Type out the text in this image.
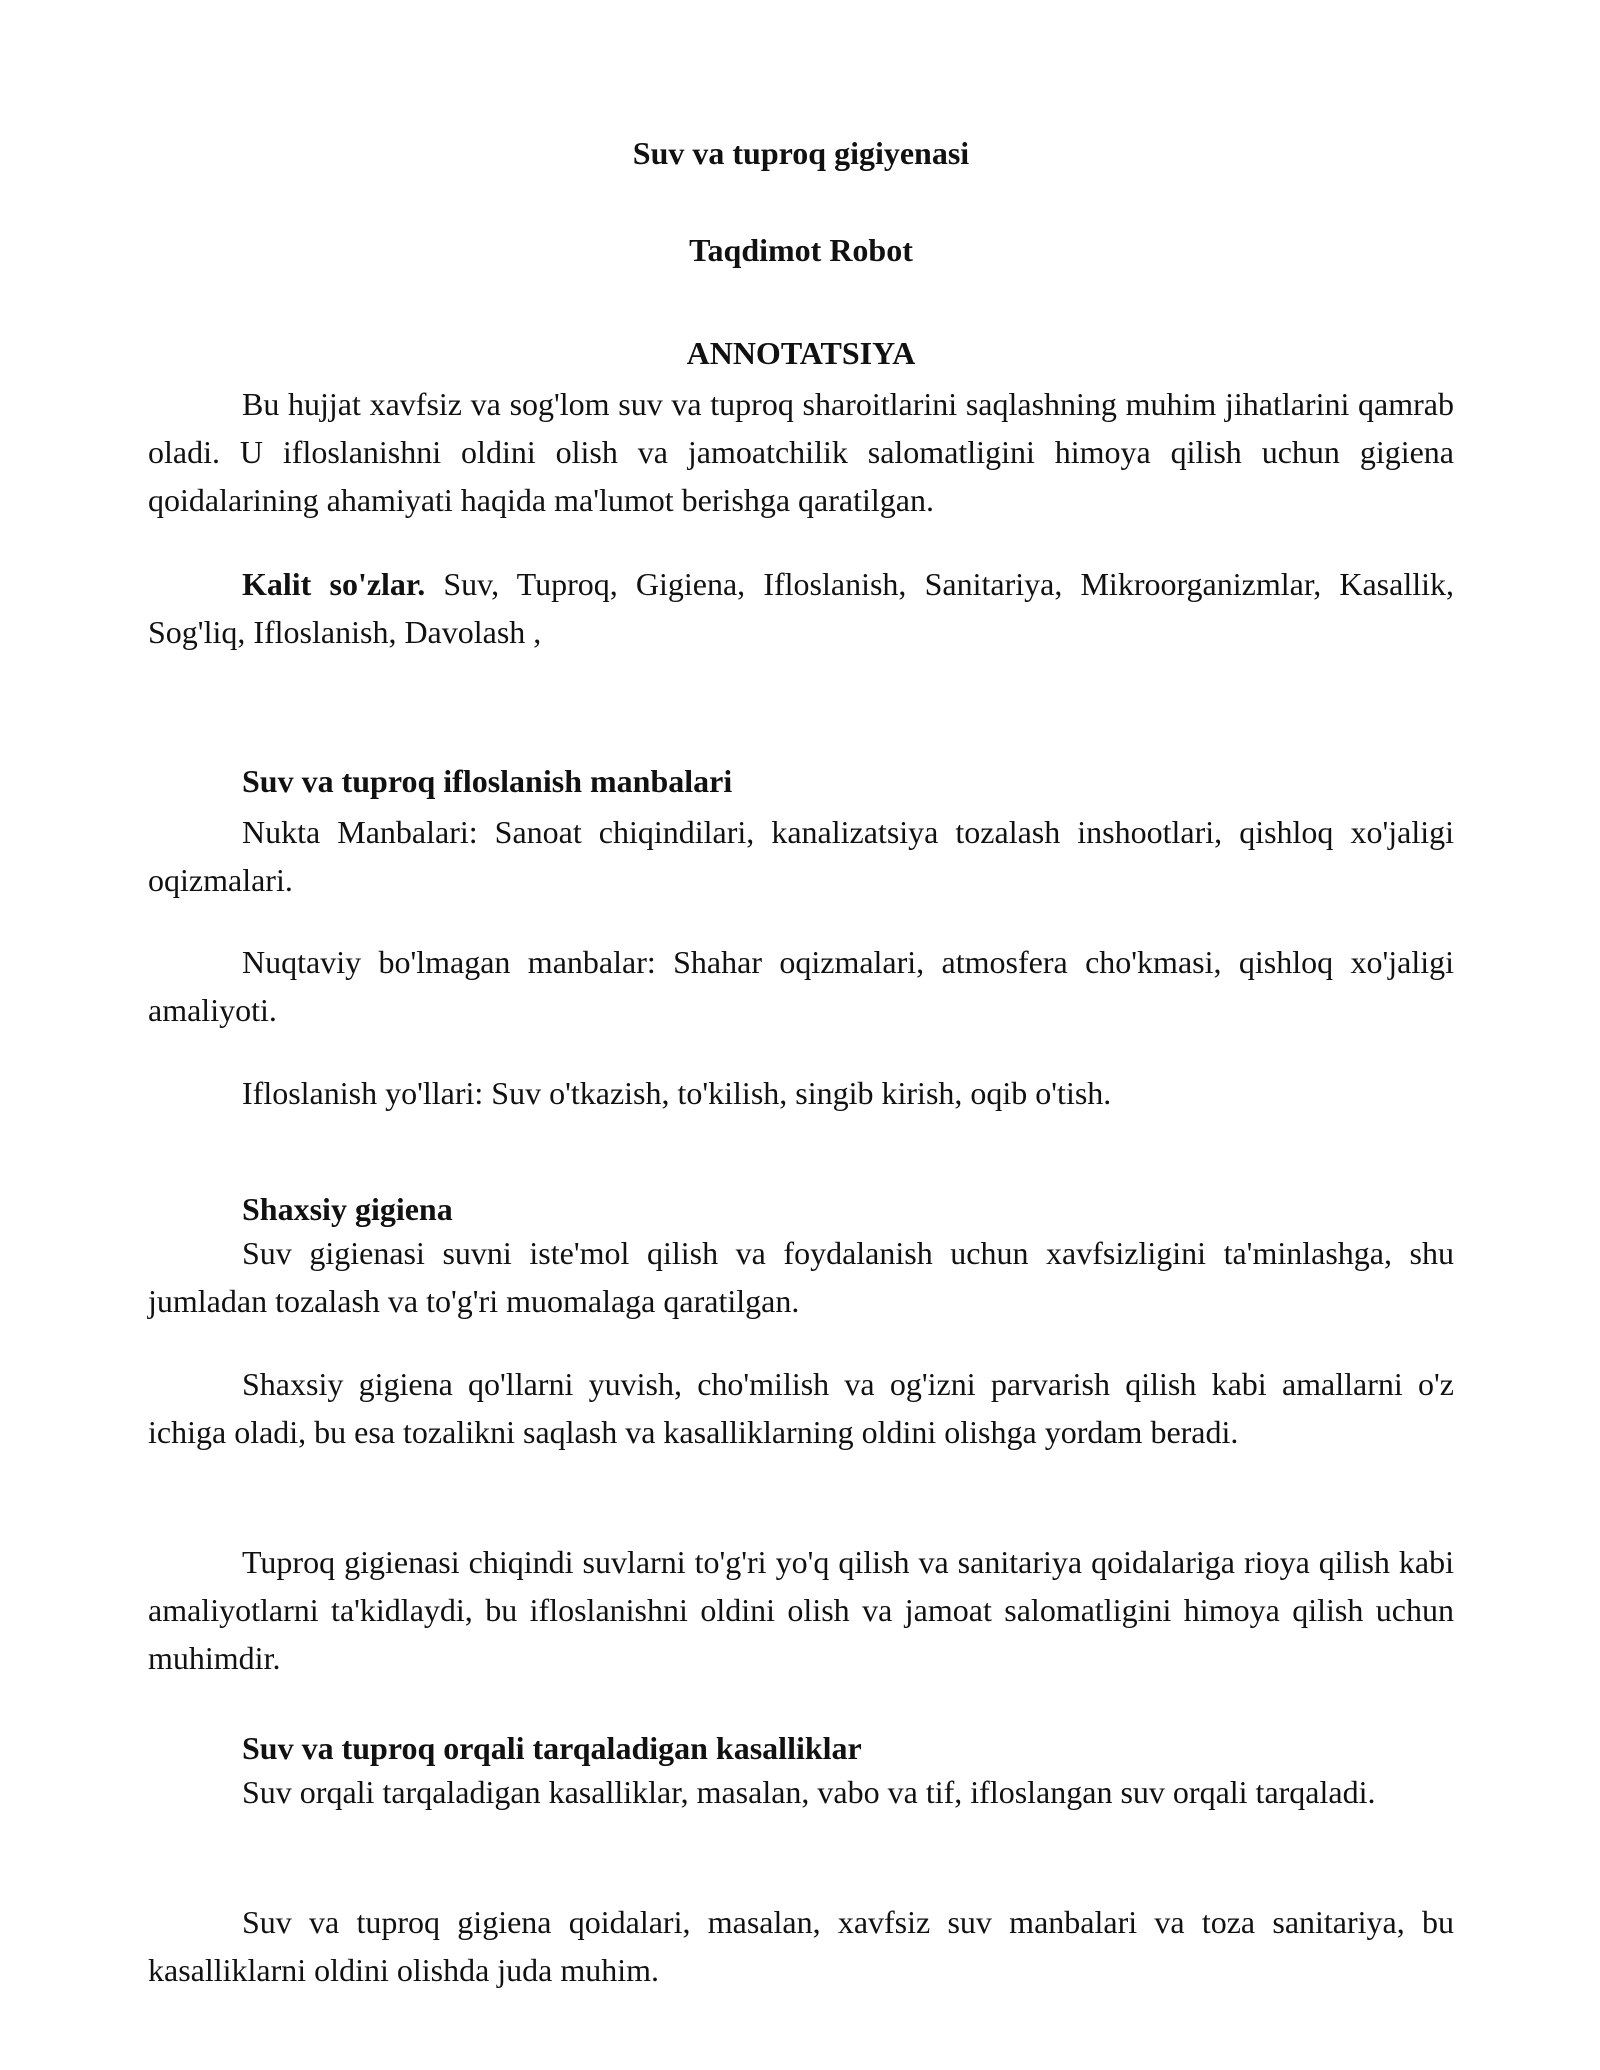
Suv va tuproq gigiyenasi
Taqdimot Robot
ANNOTATSIYA

Bu hujjat xavfsiz va sog'lom suv va tuproq sharoitlarini saqlashning muhim jihatlarini qamrab oladi. U ifloslanishni oldini olish va jamoatchilik salomatligini himoya qilish uchun gigiena qoidalarining ahamiyati haqida ma'lumot berishga qaratilgan.

Kalit so'zlar. Suv, Tuproq, Gigiena, Ifloslanish, Sanitariya, Mikroorganizmlar, Kasallik, Sog'liq, Ifloslanish, Davolash ,

Suv va tuproq ifloslanish manbalari

Nukta Manbalari: Sanoat chiqindilari, kanalizatsiya tozalash inshootlari, qishloq xo'jaligi oqizmalari.

Nuqtaviy bo'lmagan manbalar: Shahar oqizmalari, atmosfera cho'kmasi, qishloq xo'jaligi amaliyoti.

Ifloslanish yo'llari: Suv o'tkazish, to'kilish, singib kirish, oqib o'tish.

Shaxsiy gigiena

Suv gigienasi suvni iste'mol qilish va foydalanish uchun xavfsizligini ta'minlashga, shu jumladan tozalash va to'g'ri muomalaga qaratilgan.

Shaxsiy gigiena qo'llarni yuvish, cho'milish va og'izni parvarish qilish kabi amallarni o'z ichiga oladi, bu esa tozalikni saqlash va kasalliklarning oldini olishga yordam beradi.

Tuproq gigienasi chiqindi suvlarni to'g'ri yo'q qilish va sanitariya qoidalariga rioya qilish kabi amaliyotlarni ta'kidlaydi, bu ifloslanishni oldini olish va jamoat salomatligini himoya qilish uchun muhimdir.

Suv va tuproq orqali tarqaladigan kasalliklar

Suv orqali tarqaladigan kasalliklar, masalan, vabo va tif, ifloslangan suv orqali tarqaladi.

Suv va tuproq gigiena qoidalari, masalan, xavfsiz suv manbalari va toza sanitariya, bu kasalliklarni oldini olishda juda muhim.
